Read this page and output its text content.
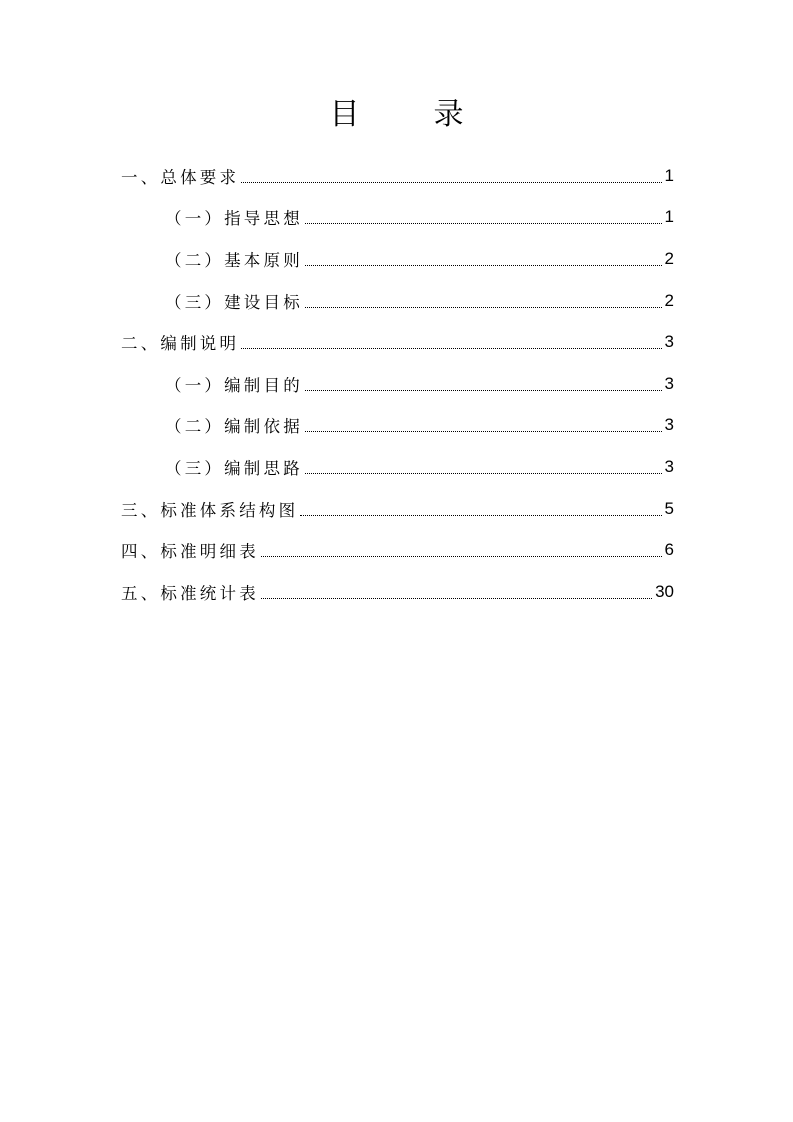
目　录
一、总体要求	1
（一）指导思想	1
（二）基本原则	2
（三）建设目标	2
二、编制说明	3
（一）编制目的	3
（二）编制依据	3
（三）编制思路	3
三、标准体系结构图	5
四、标准明细表	6
五、标准统计表	30
